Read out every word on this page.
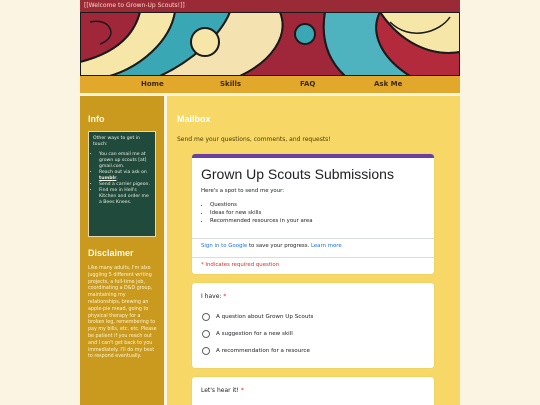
[[Welcome to Grown-Up Scouts!]]
Home	Skills	FAQ	Ask Me
Info

Other ways to get in touch:

• You can email me at grown up scouts [at] gmail.com.
• Reach out via ask on tumblr.
• Send a carrier pigeon.
• Find me in Hell's Kitchen and order me a Bees Knees.
Disclaimer

Like many adults, I'm also juggling 5 different writing projects, a full-time job, coordinating a D&D group, maintaining my relationships, brewing an apple-pie mead, going to physical therapy for a broken leg, remembering to pay my bills, etc. etc. Please be patient if you reach out and I can't get back to you immediately. I'll do my best to respond eventually.

Mailbox

Send me your questions, comments, and requests!

Grown Up Scouts Submissions
Here's a spot to send me your:
• Questions
• Ideas for new skills
• Recommended resources in your area
Sign in to Google to save your progress. Learn more
* Indicates required question
I have: *
A question about Grown Up Scouts
A suggestion for a new skill
A recommendation for a resource
Let's hear it! *
